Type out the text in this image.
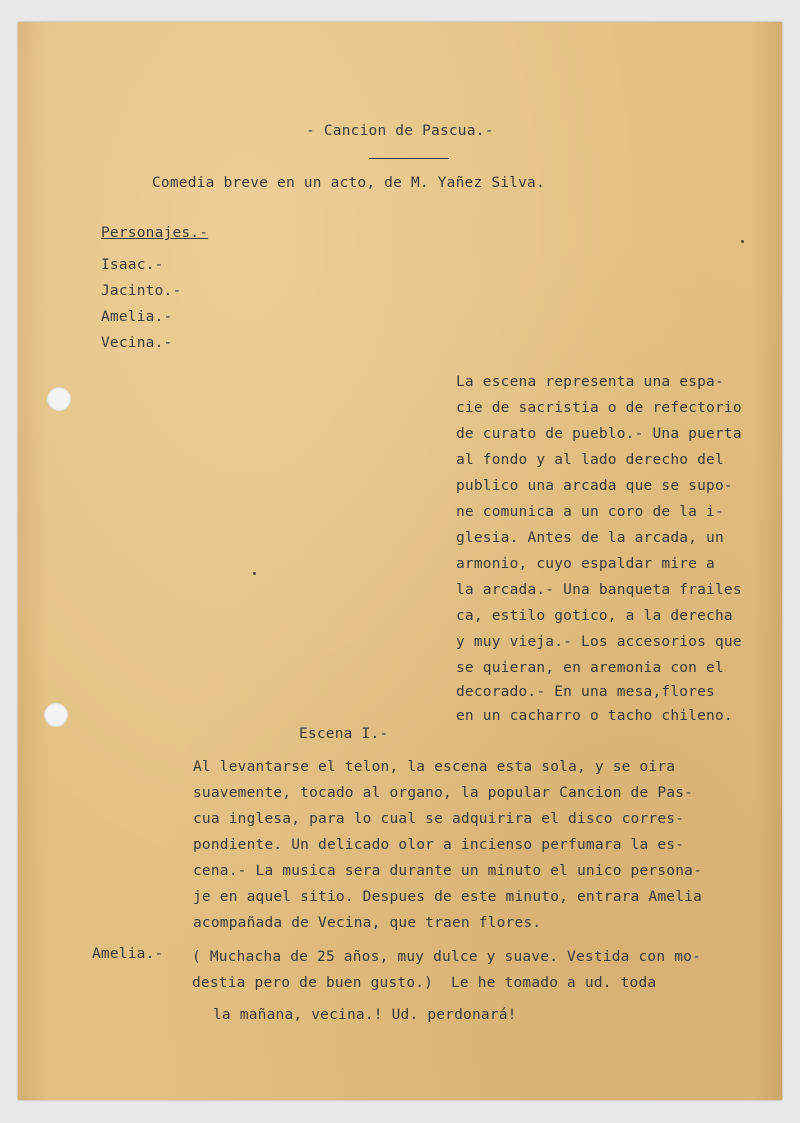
- Cancion de Pascua.-
Comedia breve en un acto, de M. Yañez Silva.
Personajes.-
Isaac.-
Jacinto.-
Amelia.-
Vecina.-
La escena representa una espa-
cie de sacristia o de refectorio
de curato de pueblo.- Una puerta
al fondo y al lado derecho del
publico una arcada que se supo-
ne comunica a un coro de la i-
glesia. Antes de la arcada, un
armonio, cuyo espaldar mire a
la arcada.- Una banqueta frailes
ca, estilo gotico, a la derecha
y muy vieja.- Los accesorios que
se quieran, en aremonia con el
decorado.- En una mesa,flores
en un cacharro o tacho chileno.
Escena I.-
Al levantarse el telon, la escena esta sola, y se oira
suavemente, tocado al organo, la popular Cancion de Pas-
cua inglesa, para lo cual se adquirira el disco corres-
pondiente. Un delicado olor a incienso perfumara la es-
cena.- La musica sera durante un minuto el unico persona-
je en aquel sitio. Despues de este minuto, entrara Amelia
acompañada de Vecina, que traen flores.
Amelia.- ( Muchacha de 25 años, muy dulce y suave. Vestida con mo-
destia pero de buen gusto.)  Le he tomado a ud. toda
la mañana, vecina.! Ud. perdonará!
